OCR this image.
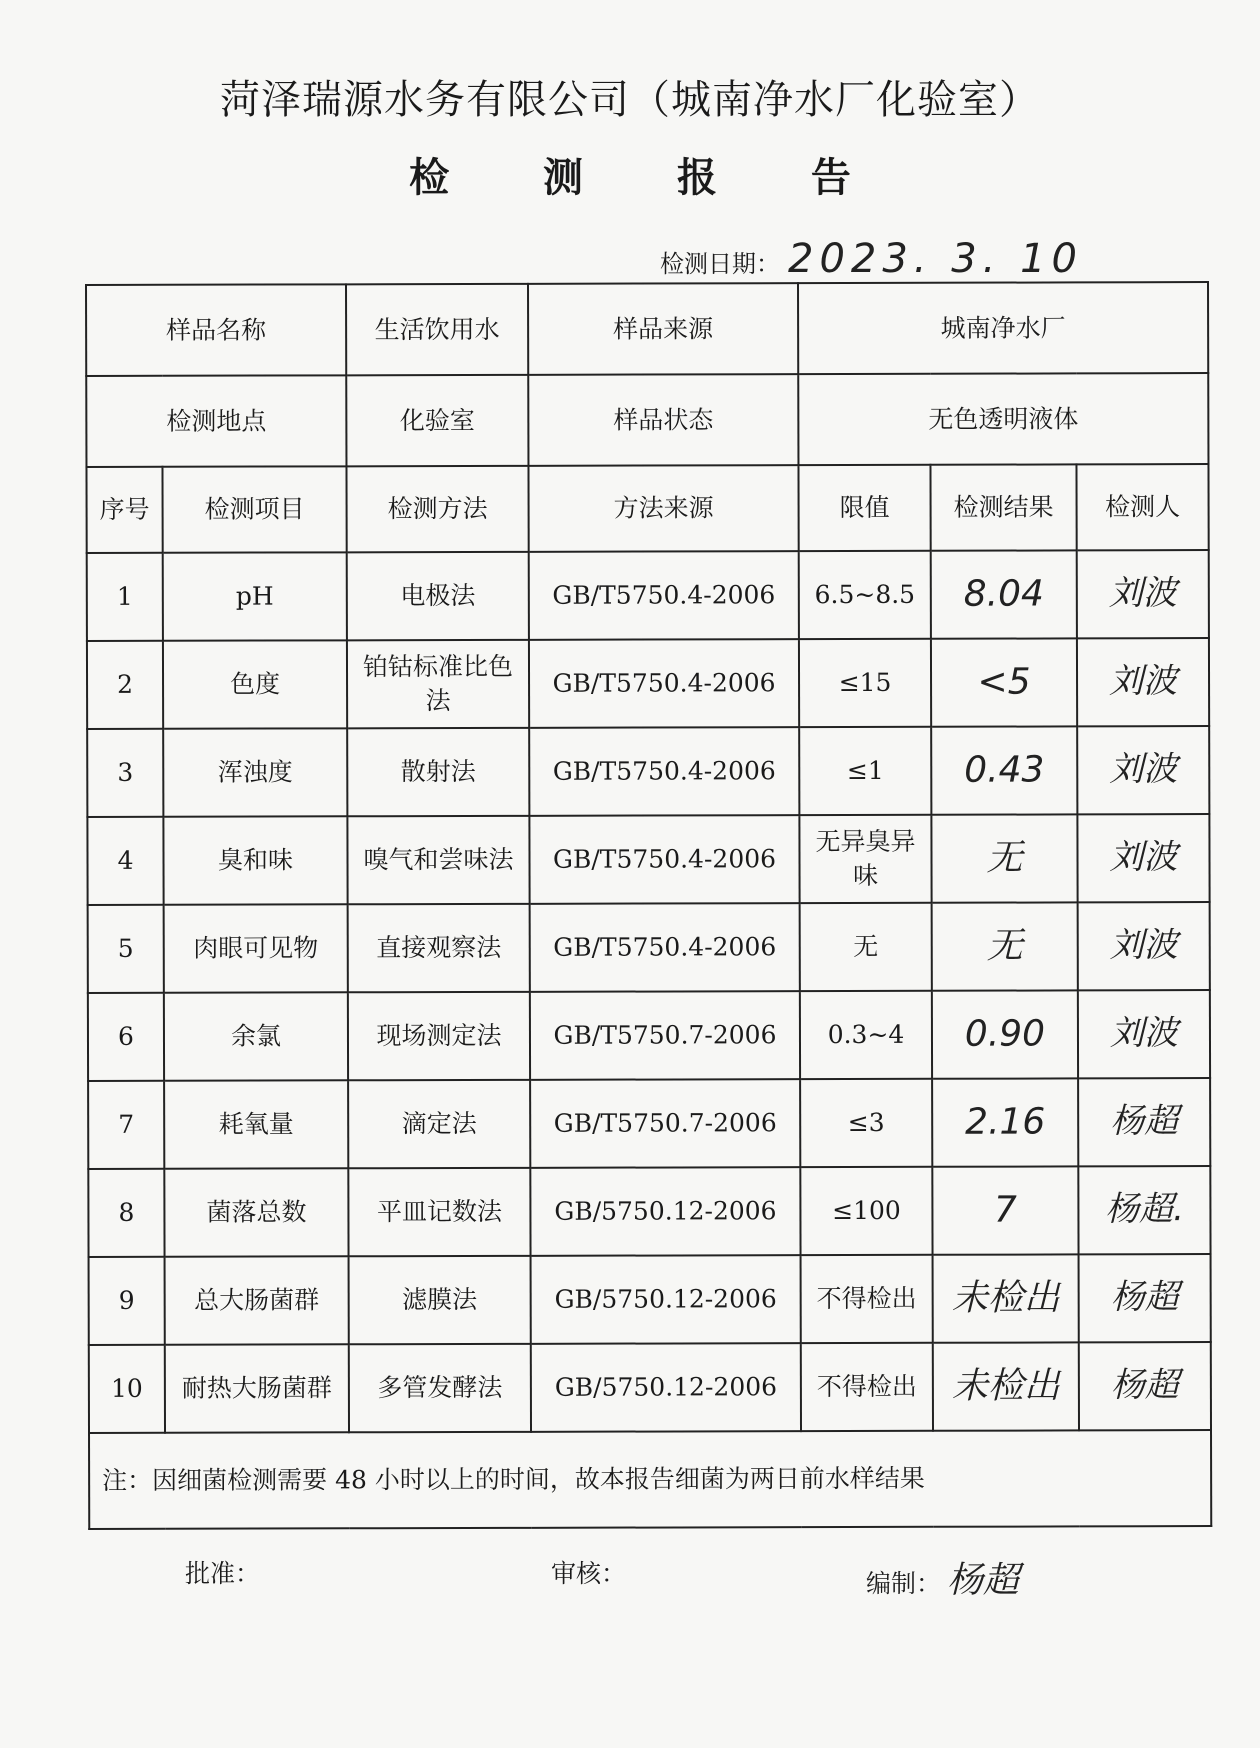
菏泽瑞源水务有限公司（城南净水厂化验室）
检 测 报 告
检测日期： 2023. 3. 10
样品名称		生活饮用水	样品来源	城南净水厂		
检测地点		化验室	样品状态	无色透明液体		
序号	检测项目	检测方法	方法来源	限值	检测结果	检测人
1	pH	电极法	GB/T5750.4-2006	6.5~8.5	8.04	刘波
2	色度	铂钴标准比色法	GB/T5750.4-2006	≤15	<5	刘波
3	浑浊度	散射法	GB/T5750.4-2006	≤1	0.43	刘波
4	臭和味	嗅气和尝味法	GB/T5750.4-2006	无异臭异味	无	刘波
5	肉眼可见物	直接观察法	GB/T5750.4-2006	无	无	刘波
6	余氯	现场测定法	GB/T5750.7-2006	0.3~4	0.90	刘波
7	耗氧量	滴定法	GB/T5750.7-2006	≤3	2.16	杨超
8	菌落总数	平皿记数法	GB/5750.12-2006	≤100	7	杨超.
9	总大肠菌群	滤膜法	GB/5750.12-2006	不得检出	未检出	杨超
10	耐热大肠菌群	多管发酵法	GB/5750.12-2006	不得检出	未检出	杨超
注：因细菌检测需要 48 小时以上的时间，故本报告细菌为两日前水样结果						
批准：	审核：	编制： 杨超
